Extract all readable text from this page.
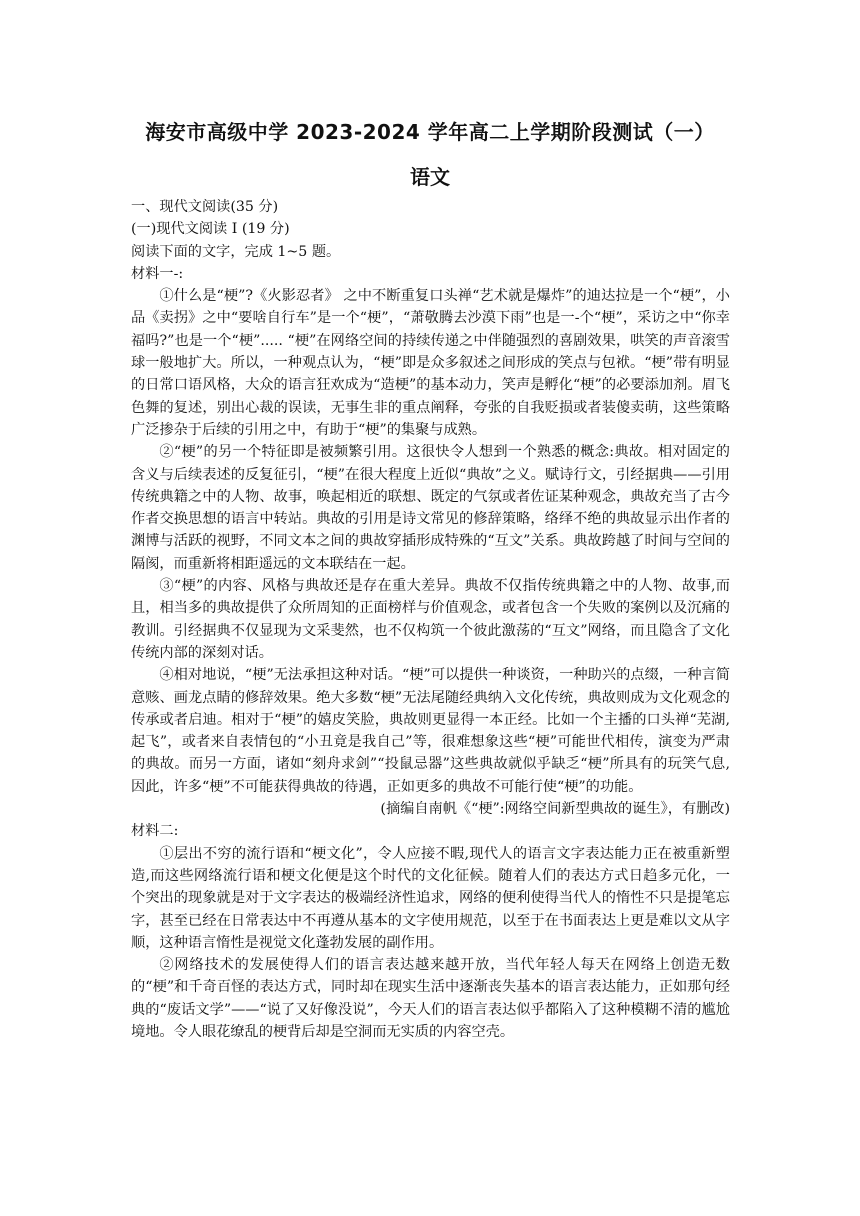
海安市高级中学 2023-2024 学年高二上学期阶段测试（一）
语文
一、现代文阅读(35 分)
(一)现代文阅读 I (19 分)
阅读下面的文字，完成 1~5 题。
材料一-:

①什么是“梗”?《火影忍者》 之中不断重复口头禅“艺术就是爆炸”的迪达拉是一个“梗”，小品《卖拐》之中“要啥自行车”是一个“梗”，“萧敬腾去沙漠下雨”也是一-个“梗”，采访之中“你幸福吗?”也是一个“梗”..... “梗”在网络空间的持续传递之中伴随强烈的喜剧效果，哄笑的声音滚雪球一般地扩大。所以，一种观点认为，“梗”即是众多叙述之间形成的笑点与包袱。“梗”带有明显的日常口语风格，大众的语言狂欢成为“造梗”的基本动力，笑声是孵化“梗”的必要添加剂。眉飞色舞的复述，别出心裁的误读，无事生非的重点阐释，夸张的自我贬损或者装傻卖萌，这些策略广泛掺杂于后续的引用之中，有助于“梗”的集聚与成熟。

②“梗”的另一个特征即是被频繁引用。这很快令人想到一个熟悉的概念:典故。相对固定的含义与后续表述的反复征引，“梗”在很大程度上近似“典故”之义。赋诗行文，引经据典——引用传统典籍之中的人物、故事，唤起相近的联想、既定的气氛或者佐证某种观念，典故充当了古今作者交换思想的语言中转站。典故的引用是诗文常见的修辞策略，络绎不绝的典故显示出作者的渊博与活跃的视野，不同文本之间的典故穿插形成特殊的“互文”关系。典故跨越了时间与空间的隔阂，而重新将相距遥远的文本联结在一起。

③“梗”的内容、风格与典故还是存在重大差异。典故不仅指传统典籍之中的人物、故事,而且，相当多的典故提供了众所周知的正面榜样与价值观念，或者包含一个失败的案例以及沉痛的教训。引经据典不仅显现为文采斐然，也不仅构筑一个彼此激荡的“互文”网络，而且隐含了文化传统内部的深刻对话。

④相对地说，“梗”无法承担这种对话。“梗”可以提供一种谈资，一种助兴的点缀，一种言简意赅、画龙点睛的修辞效果。绝大多数“梗”无法尾随经典纳入文化传统，典故则成为文化观念的传承或者启迪。相对于“梗”的嬉皮笑脸，典故则更显得一本正经。比如一个主播的口头禅“芜湖,起飞”，或者来自表情包的“小丑竟是我自己”等，很难想象这些“梗”可能世代相传，演变为严肃的典故。而另一方面，诸如“刻舟求剑”“投鼠忌器”这些典故就似乎缺乏“梗”所具有的玩笑气息,因此，许多“梗”不可能获得典故的待遇，正如更多的典故不可能行使“梗”的功能。

(摘编自南帆《“梗”:网络空间新型典故的诞生》，有删改)

材料二:

①层出不穷的流行语和“梗文化”，令人应接不暇,现代人的语言文字表达能力正在被重新塑造,而这些网络流行语和梗文化便是这个时代的文化征候。随着人们的表达方式日趋多元化，一个突出的现象就是对于文字表达的极端经济性追求，网络的便利使得当代人的惰性不只是提笔忘字，甚至已经在日常表达中不再遵从基本的文字使用规范，以至于在书面表达上更是难以文从字顺，这种语言惰性是视觉文化蓬勃发展的副作用。

②网络技术的发展使得人们的语言表达越来越开放，当代年轻人每天在网络上创造无数的“梗”和千奇百怪的表达方式，同时却在现实生活中逐渐丧失基本的语言表达能力，正如那句经典的“废话文学”——“说了又好像没说”，今天人们的语言表达似乎都陷入了这种模糊不清的尴尬境地。令人眼花缭乱的梗背后却是空洞而无实质的内容空壳。
